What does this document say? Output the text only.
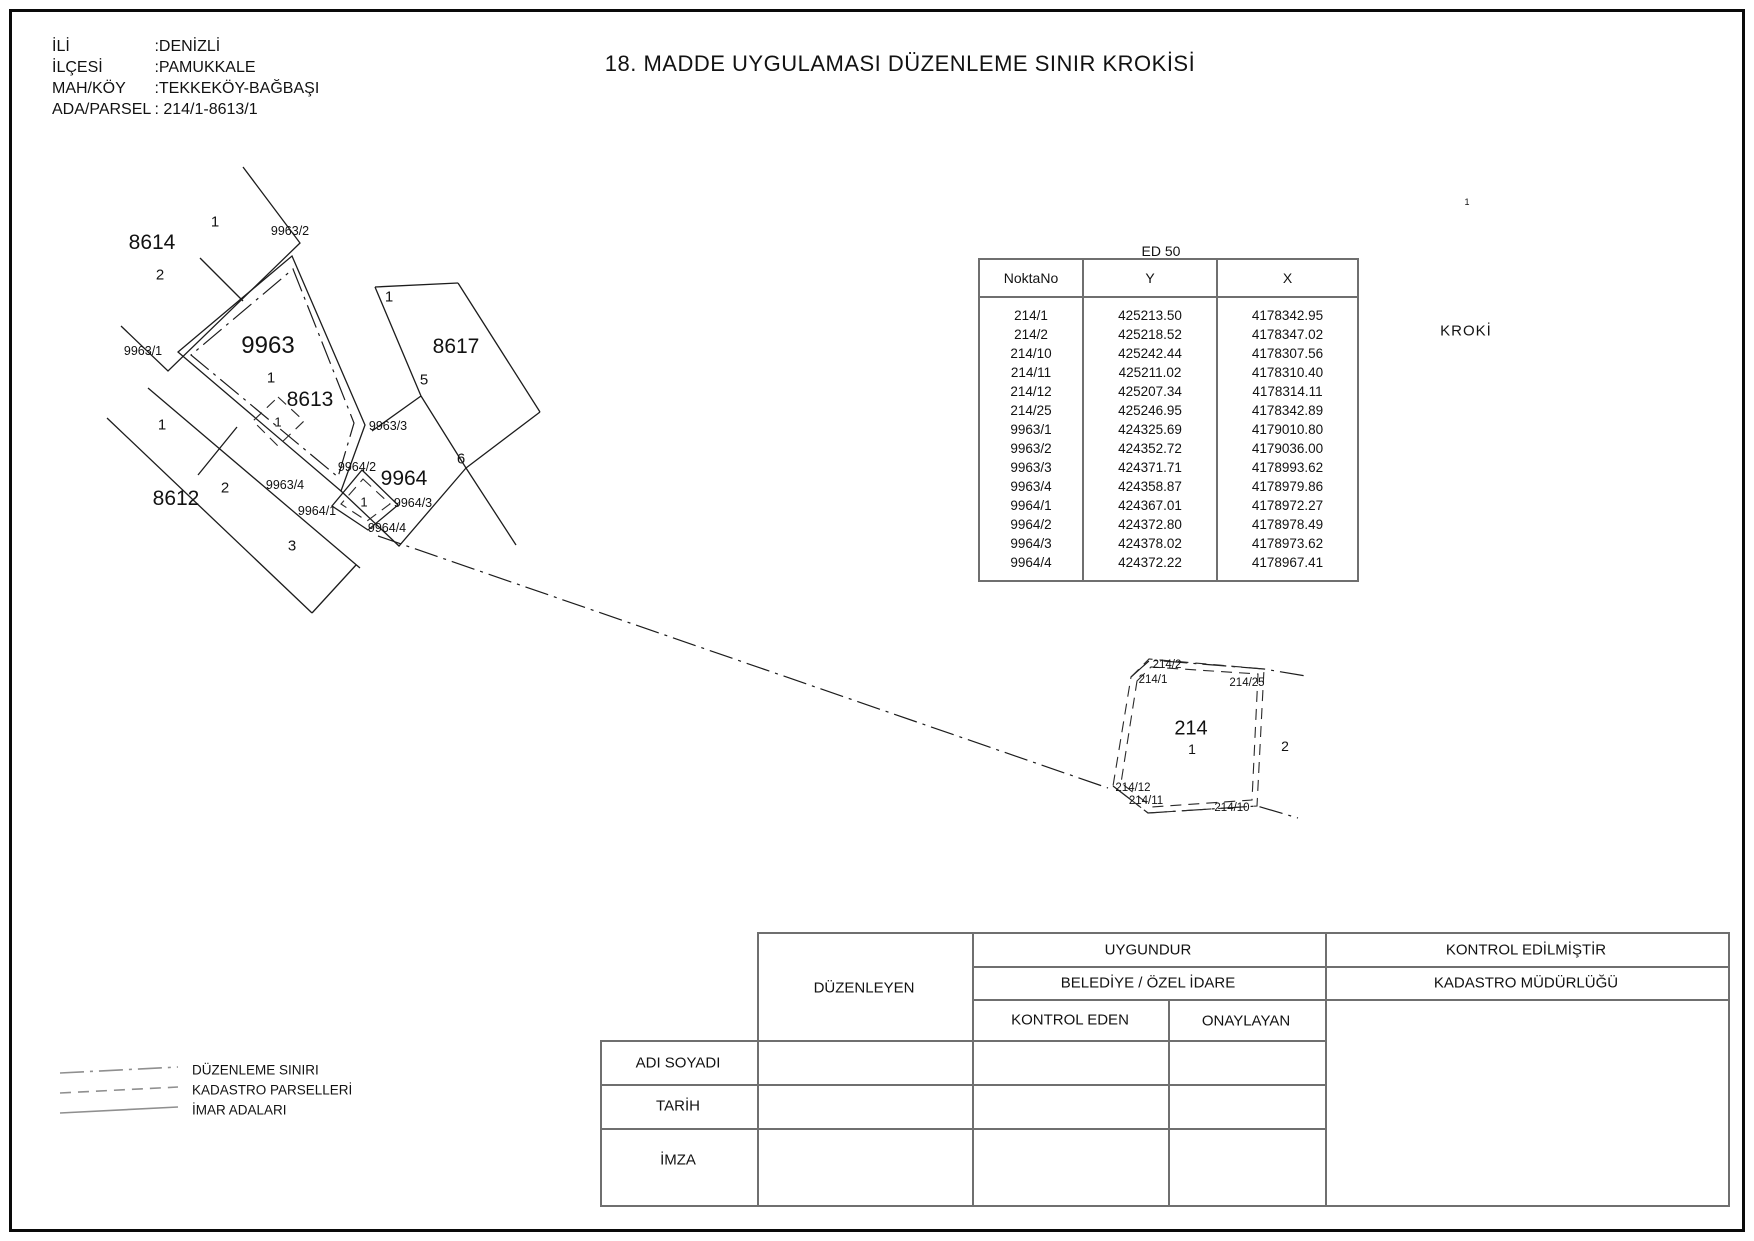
İLİ	:DENİZLİ
İLÇESİ	:PAMUKKALE
MAH/KÖY :TEKKEKÖY-BAĞBAŞI
ADA/PARSEL : 214/1-8613/1
18. MADDE UYGULAMASI DÜZENLEME SINIR KROKİSİ
8614
1
2
9963/2
9963
1
9963/1
8613
1	9963/3
1
8617
5
6
9964/2 9964
1 9964/3
9964/1
9964/4
9963/4
8612 2
1
3
214
1	2
214/2
214/1	214/25
214/12
214/11
214/10
KROKİ
1
ED 50
NoktaNo	Y	X
214/1	425213.50	4178342.95
214/2	425218.52	4178347.02
214/10	425242.44	4178307.56
214/11	425211.02	4178310.40
214/12	425207.34	4178314.11
214/25	425246.95	4178342.89
9963/1	424325.69	4179010.80
9963/2	424352.72	4179036.00
9963/3	424371.71	4178993.62
9963/4	424358.87	4178979.86
9964/1	424367.01	4178972.27
9964/2	424372.80	4178978.49
9964/3	424378.02	4178973.62
9964/4	424372.22	4178967.41
DÜZENLEME SINIRI
KADASTRO PARSELLERİ
İMAR ADALARI
DÜZENLEYEN
UYGUNDUR
BELEDİYE / ÖZEL İDARE
KONTROL EDEN	ONAYLAYAN
KONTROL EDİLMİŞTİR
KADASTRO MÜDÜRLÜĞÜ
ADI SOYADI
TARİH
İMZA
